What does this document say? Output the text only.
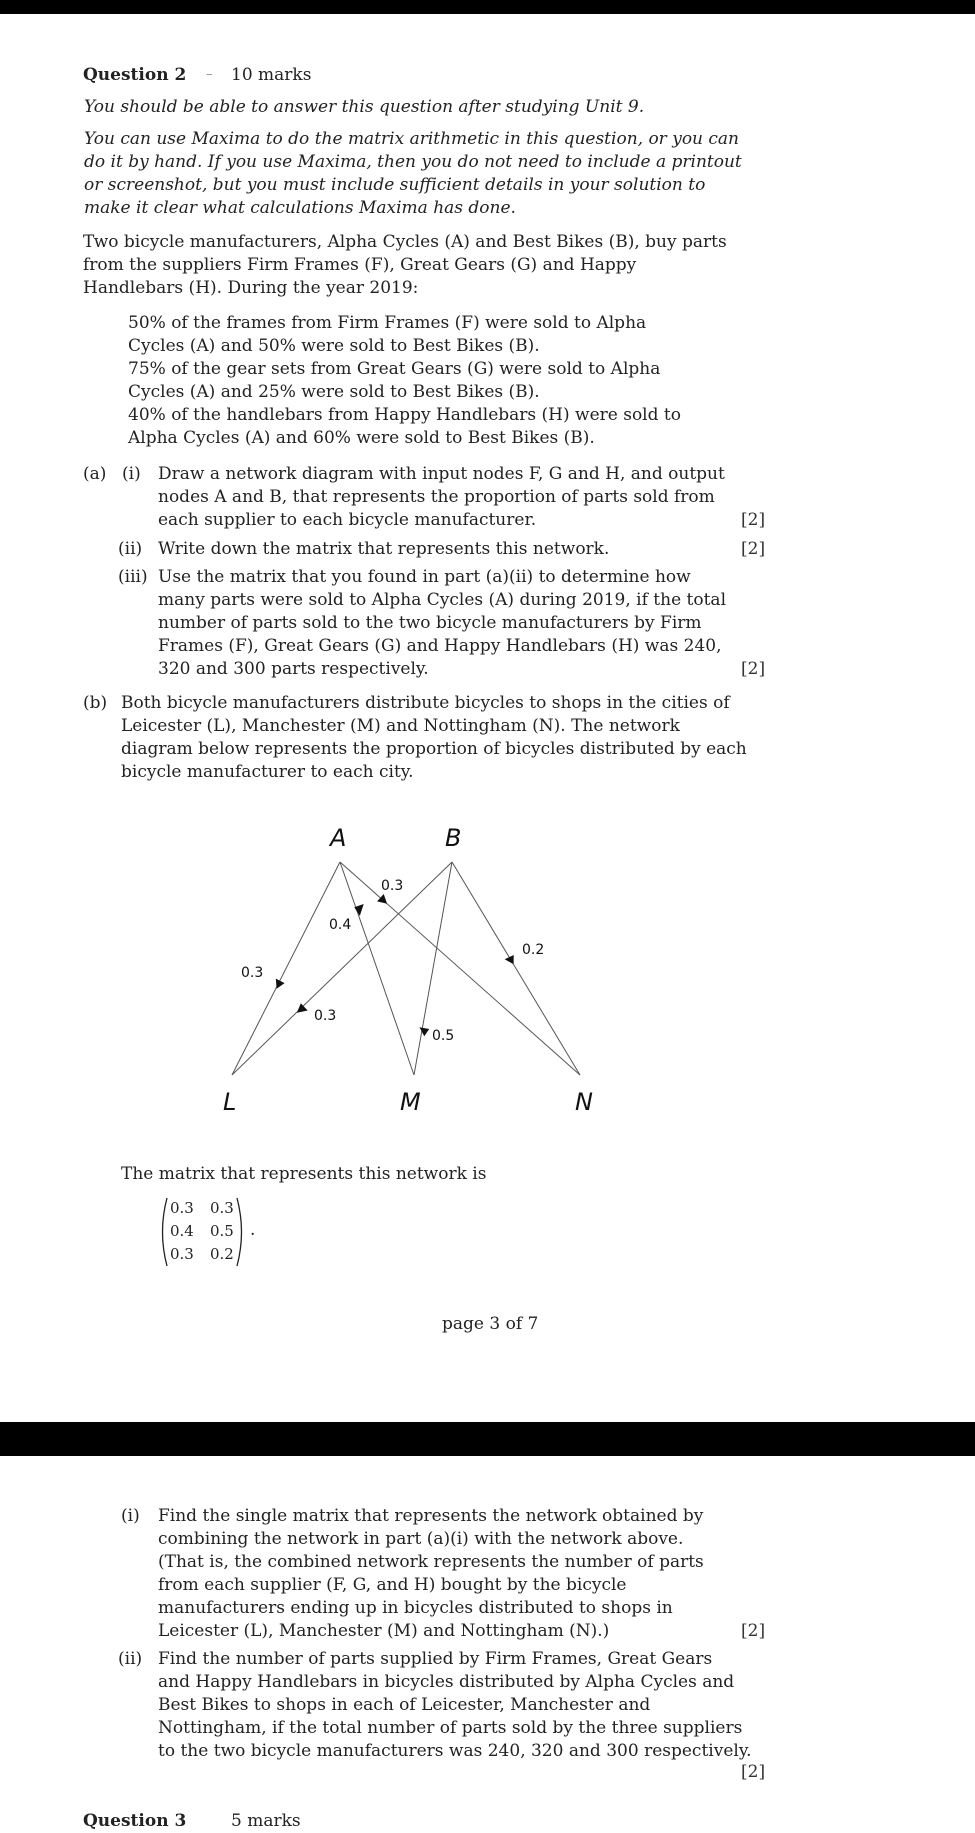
Question 2 – 10 marks
You should be able to answer this question after studying Unit 9.
You can use Maxima to do the matrix arithmetic in this question, or you can
do it by hand. If you use Maxima, then you do not need to include a printout
or screenshot, but you must include sufficient details in your solution to
make it clear what calculations Maxima has done.
Two bicycle manufacturers, Alpha Cycles (A) and Best Bikes (B), buy parts
from the suppliers Firm Frames (F), Great Gears (G) and Happy
Handlebars (H). During the year 2019:
50% of the frames from Firm Frames (F) were sold to Alpha
Cycles (A) and 50% were sold to Best Bikes (B).
75% of the gear sets from Great Gears (G) were sold to Alpha
Cycles (A) and 25% were sold to Best Bikes (B).
40% of the handlebars from Happy Handlebars (H) were sold to
Alpha Cycles (A) and 60% were sold to Best Bikes (B).
(a) (i) Draw a network diagram with input nodes F, G and H, and output
nodes A and B, that represents the proportion of parts sold from
each supplier to each bicycle manufacturer.	[2]
(ii) Write down the matrix that represents this network.	[2]
(iii) Use the matrix that you found in part (a)(ii) to determine how
many parts were sold to Alpha Cycles (A) during 2019, if the total
number of parts sold to the two bicycle manufacturers by Firm
Frames (F), Great Gears (G) and Happy Handlebars (H) was 240,
320 and 300 parts respectively.	[2]
(b) Both bicycle manufacturers distribute bicycles to shops in the cities of
Leicester (L), Manchester (M) and Nottingham (N). The network
diagram below represents the proportion of bicycles distributed by each
bicycle manufacturer to each city.
0.3
0.4
0.3
0.3
0.5
0.2
A	B
L	M	N
The matrix that represents this network is
0.3 0.3
0.4 0.5
0.3 0.2
.
page 3 of 7
(i) Find the single matrix that represents the network obtained by
combining the network in part (a)(i) with the network above.
(That is, the combined network represents the number of parts
from each supplier (F, G, and H) bought by the bicycle
manufacturers ending up in bicycles distributed to shops in
Leicester (L), Manchester (M) and Nottingham (N).)	[2]
(ii) Find the number of parts supplied by Firm Frames, Great Gears
and Happy Handlebars in bicycles distributed by Alpha Cycles and
Best Bikes to shops in each of Leicester, Manchester and
Nottingham, if the total number of parts sold by the three suppliers
to the two bicycle manufacturers was 240, 320 and 300 respectively.
[2]
Question 3	5 marks
